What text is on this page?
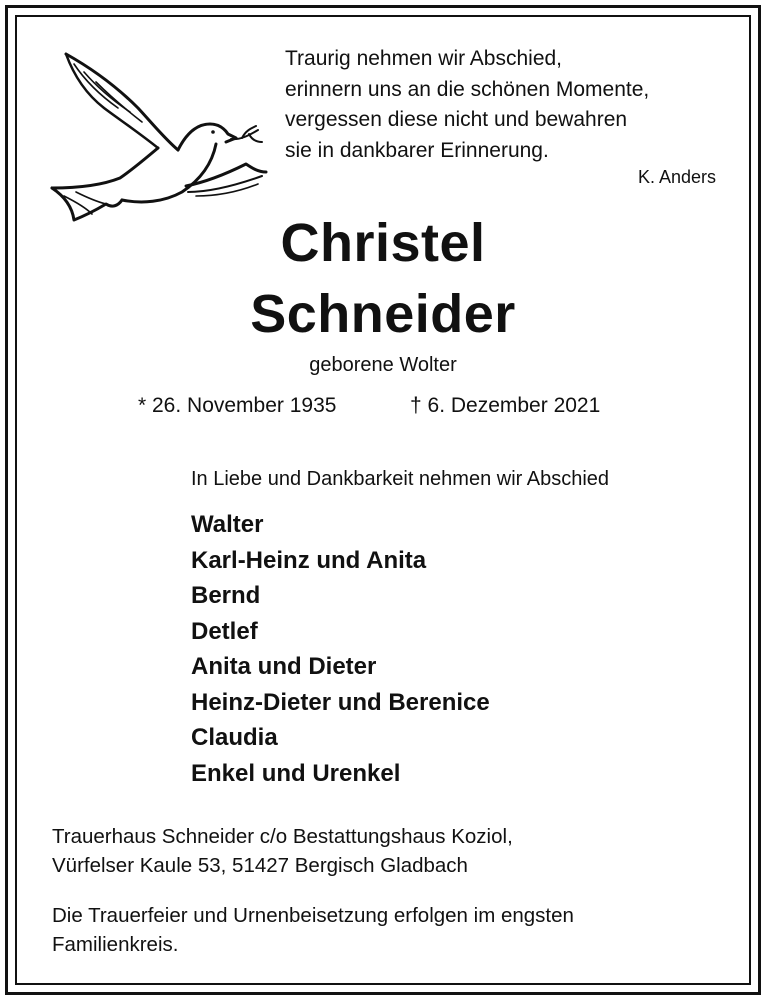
Traurig nehmen wir Abschied,
erinnern uns an die schönen Momente,
vergessen diese nicht und bewahren
sie in dankbarer Erinnerung.
K. Anders
Christel
Schneider
geborene Wolter
* 26. November 1935	† 6. Dezember 2021
In Liebe und Dankbarkeit nehmen wir Abschied
Walter
Karl-Heinz und Anita
Bernd
Detlef
Anita und Dieter
Heinz-Dieter und Berenice
Claudia
Enkel und Urenkel
Trauerhaus Schneider c/o Bestattungshaus Koziol,
Vürfelser Kaule 53, 51427 Bergisch Gladbach
Die Trauerfeier und Urnenbeisetzung erfolgen im engsten
Familienkreis.
